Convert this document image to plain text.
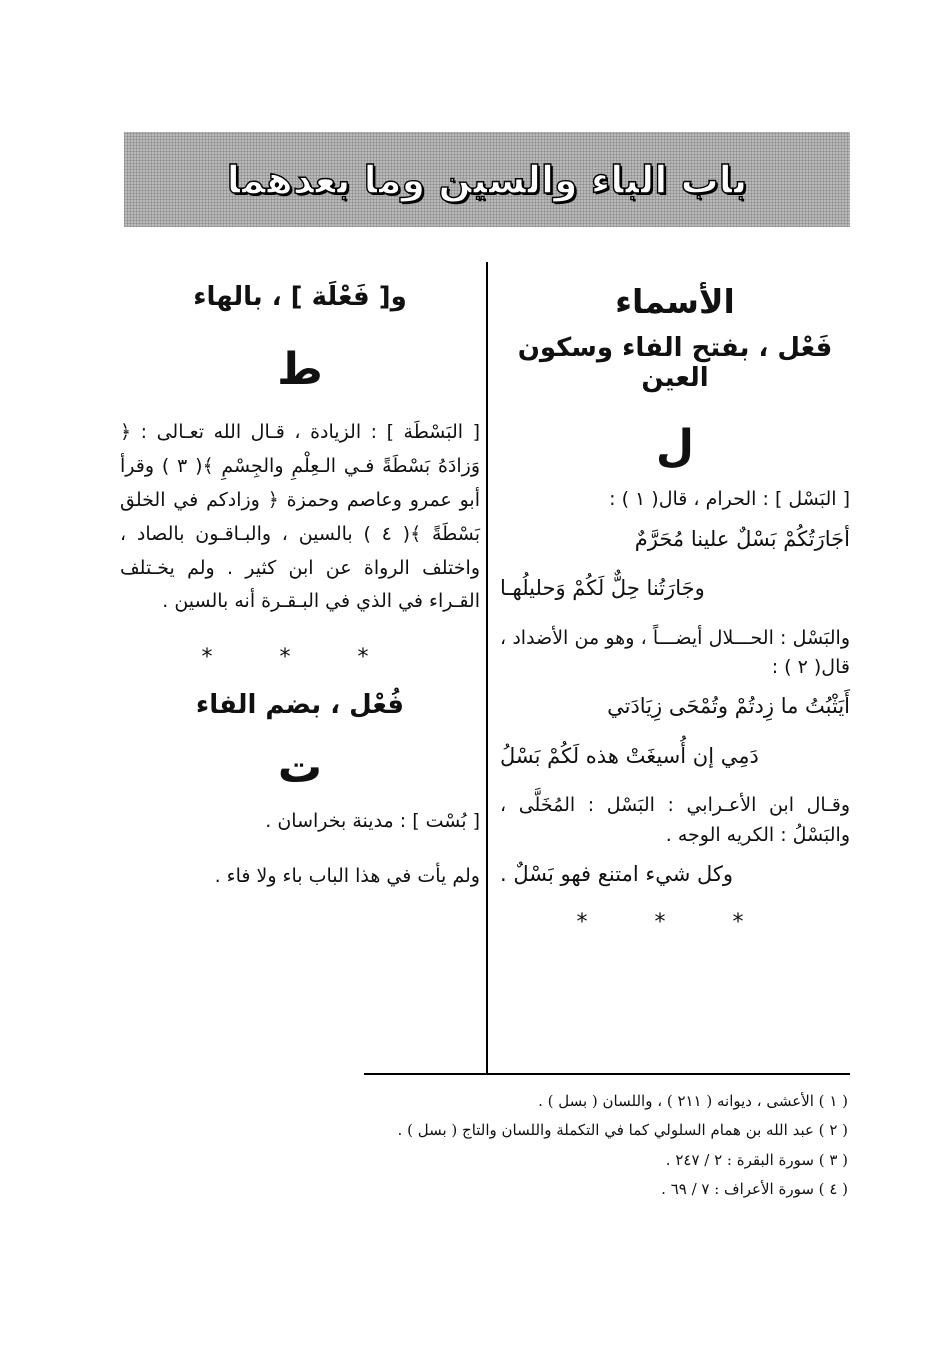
باب الباء والسين وما بعدهما
الأسماء
فَعْل ، بفتح الفاء وسكون العين
ل
[ البَسْل ] : الحرام ، قال( ١ ) :
أجَارَتُكُمْ بَسْلٌ علينا مُحَرَّمٌ
وجَارَتُنا حِلٌّ لَكُمْ وَحليلُهـا
والبَسْل : الحـــلال أيضـــاً ، وهو من الأضداد ، قال( ٢ ) :
أَيَثْبُتُ ما زِدتُمْ وتُمْحَى زِيَادَتي
دَمِي إن أُسيغَتْ هذه لَكُمْ بَسْلُ
وقـال ابن الأعـرابي : البَسْل : المُخَلَّى ، والبَسْلُ : الكريه الوجه .
وكل شيء امتنع فهو بَسْلٌ .
* * *
و[ فَعْلَة ] ، بالهاء
ط
[ البَسْطَة ] : الزيادة ، قـال الله تعـالى : ﴿ وَزادَهُ بَسْطَةً فـي الـعِلْمِ والجِسْمِ ﴾( ٣ ) وقرأ أبو عمرو وعاصم وحمزة ﴿ وزادكم في الخلق بَسْطَةً ﴾( ٤ ) بالسين ، والبـاقـون بالصاد ، واختلف الرواة عن ابن كثير . ولم يخـتلف القـراء في الذي في البـقـرة أنه بالسين .
* * *
فُعْل ، بضم الفاء
ت
[ بُسْت ] : مدينة بخراسان .
ولم يأت في هذا الباب باء ولا فاء .
( ١ ) الأعشى ، ديوانه ( ٢١١ ) ، واللسان ( بسل ) .
( ٢ ) عبد الله بن همام السلولي كما في التكملة واللسان والتاج ( بسل ) .
( ٣ ) سورة البقرة : ٢ / ٢٤٧ .
( ٤ ) سورة الأعراف : ٧ / ٦٩ .
